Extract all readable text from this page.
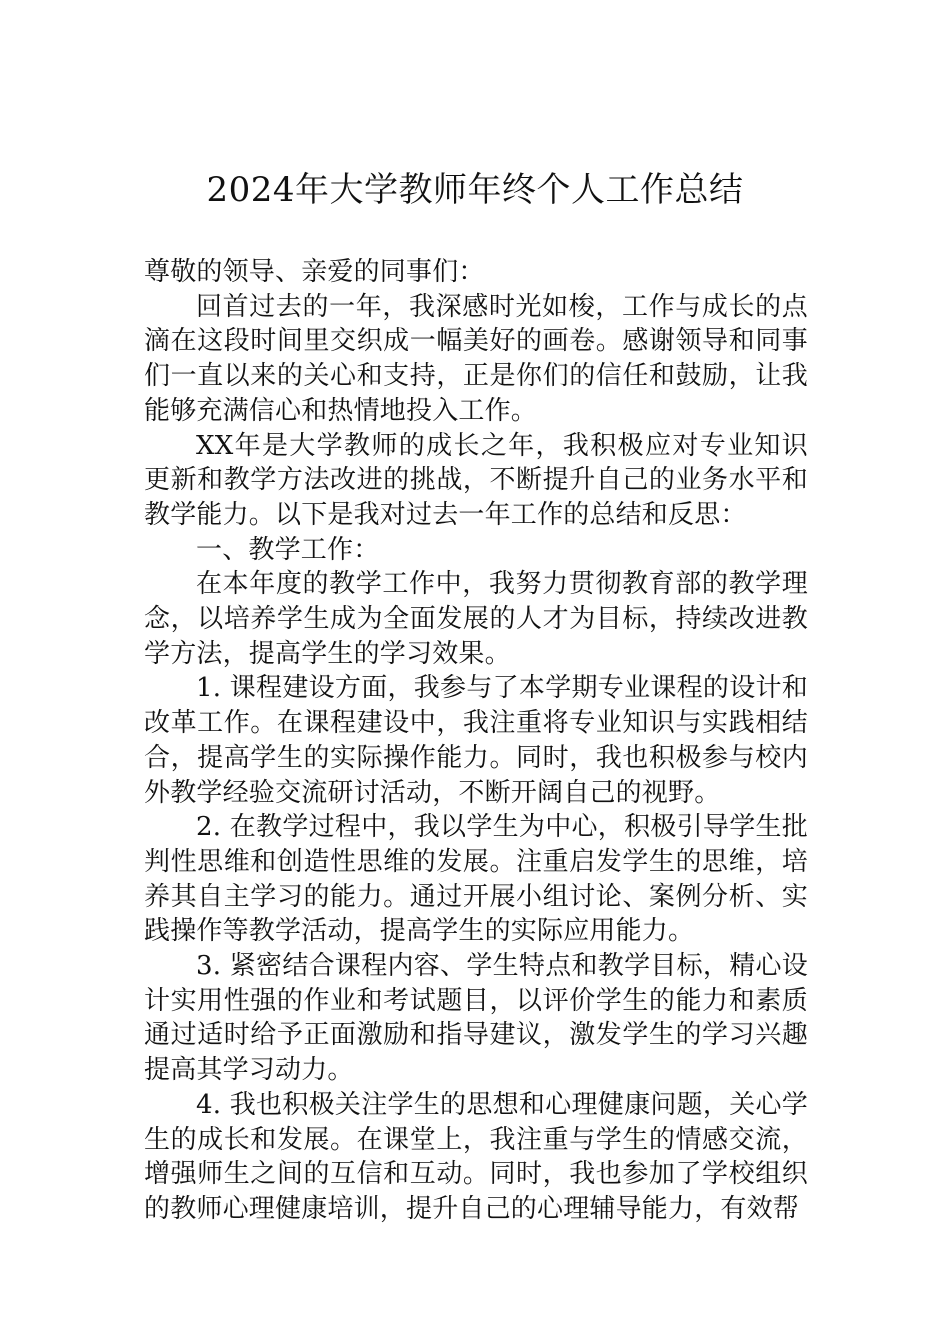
2024年大学教师年终个人工作总结

尊敬的领导、亲爱的同事们：

回首过去的一年，我深感时光如梭，工作与成长的点滴在这段时间里交织成一幅美好的画卷。感谢领导和同事们一直以来的关心和支持，正是你们的信任和鼓励，让我能够充满信心和热情地投入工作。

XX年是大学教师的成长之年，我积极应对专业知识更新和教学方法改进的挑战，不断提升自己的业务水平和教学能力。以下是我对过去一年工作的总结和反思：

一、教学工作：

在本年度的教学工作中，我努力贯彻教育部的教学理念，以培养学生成为全面发展的人才为目标，持续改进教学方法，提高学生的学习效果。

1. 课程建设方面，我参与了本学期专业课程的设计和改革工作。在课程建设中，我注重将专业知识与实践相结合，提高学生的实际操作能力。同时，我也积极参与校内外教学经验交流研讨活动，不断开阔自己的视野。

2. 在教学过程中，我以学生为中心，积极引导学生批判性思维和创造性思维的发展。注重启发学生的思维，培养其自主学习的能力。通过开展小组讨论、案例分析、实践操作等教学活动，提高学生的实际应用能力。

3. 紧密结合课程内容、学生特点和教学目标，精心设计实用性强的作业和考试题目，以评价学生的能力和素质通过适时给予正面激励和指导建议，激发学生的学习兴趣提高其学习动力。

4. 我也积极关注学生的思想和心理健康问题，关心学生的成长和发展。在课堂上，我注重与学生的情感交流，增强师生之间的互信和互动。同时，我也参加了学校组织的教师心理健康培训，提升自己的心理辅导能力，有效帮
